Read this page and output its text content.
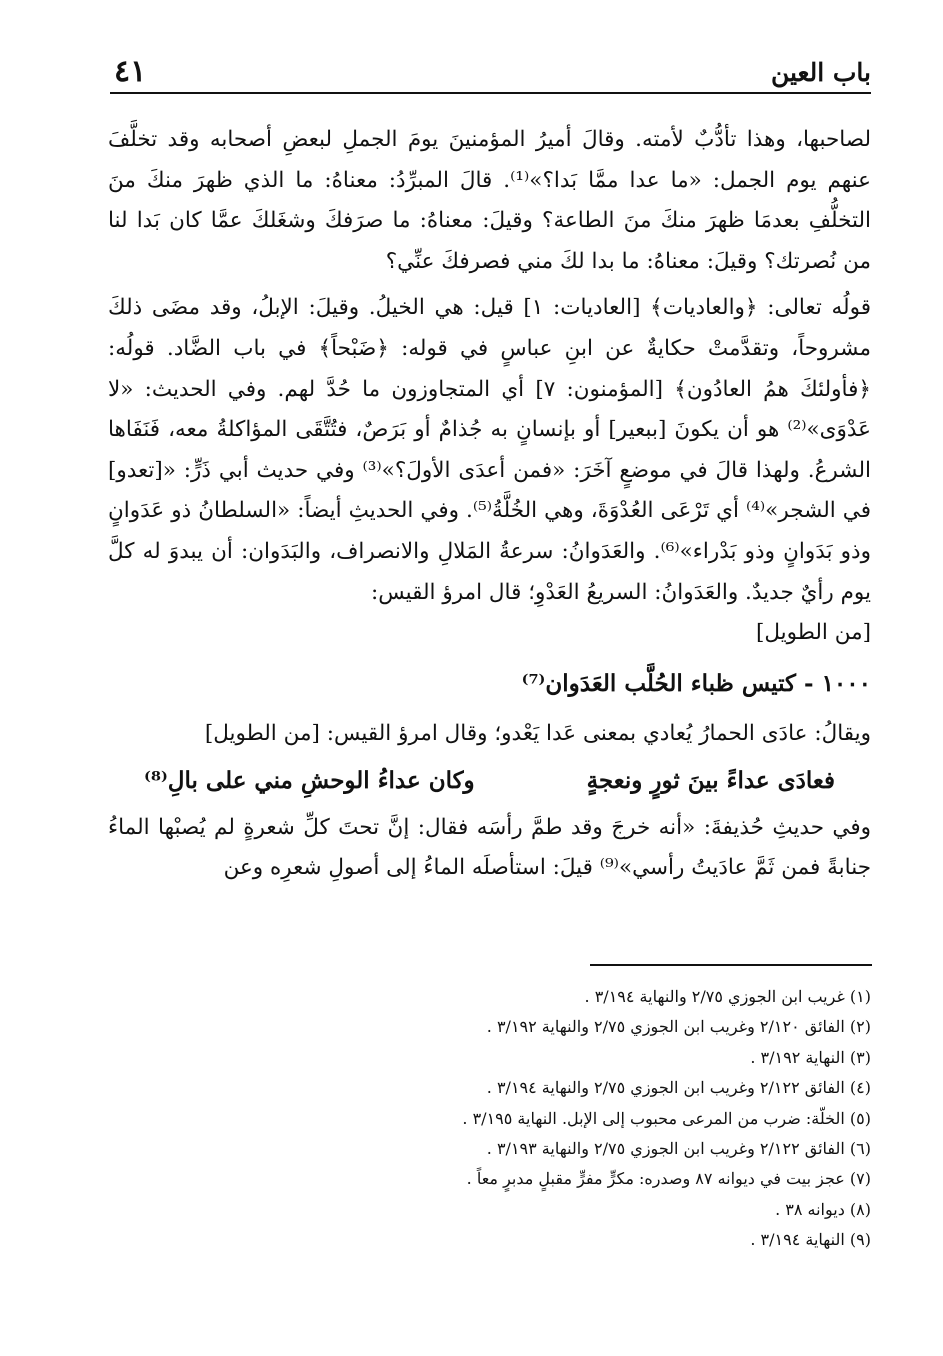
باب العين
٤١

لصاحبها، وهذا تأدُّبٌ لأمته. وقالَ أميرُ المؤمنينَ يومَ الجملِ لبعضِ أصحابه وقد تخلَّفَ عنهم يوم الجمل: «ما عدا ممَّا بَدا؟»⁽¹⁾. قالَ المبرِّدُ: معناهُ: ما الذي ظهرَ منكَ منَ التخلُّفِ بعدمَا ظهرَ منكَ منَ الطاعة؟ وقيلَ: معناهُ: ما صرَفكَ وشغَلكَ عمَّا كان بَدا لنا من نُصرتك؟ وقيلَ: معناهُ: ما بدا لكَ مني فصرفكَ عنِّي؟

قولُه تعالى: ﴿والعاديات﴾ [العاديات: ١] قيل: هي الخيلُ. وقيلَ: الإبلُ، وقد مضَى ذلكَ مشروحاً، وتقدَّمتْ حكايةٌ عن ابنِ عباسٍ في قوله: ﴿ضَبْحاً﴾ في باب الضَّاد. قولُه: ﴿فأولئكَ همُ العادُون﴾ [المؤمنون: ٧] أي المتجاوزون ما حُدَّ لهم. وفي الحديث: «لا عَدْوَى»⁽²⁾ هو أن يكونَ [ببعير] أو بإنسانٍ به جُذامٌ أو بَرَصٌ، فتُتَّقَى المؤاكلةُ معه، فَنَفَاها الشرعُ. ولهذا قالَ في موضعٍ آخَرَ: «فمن أعدَى الأولَ؟»⁽³⁾ وفي حديث أبي ذَرٍّ: «[تعدو] في الشجر»⁽⁴⁾ أي تَرْعَى العُدْوَةَ، وهي الخُلَّةُ⁽⁵⁾. وفي الحديثِ أيضاً: «السلطانُ ذو عَدَوانٍ وذو بَدَوانٍ وذو بَدْراء»⁽⁶⁾. والعَدَوانُ: سرعةُ المَلالِ والانصراف، والبَدَوان: أن يبدوَ له كلَّ يوم رأيٌ جديدٌ. والعَدَوانُ: السريعُ العَدْوِ؛ قال امرؤ القيس:
[من الطويل]

١٠٠٠ - كتيس ظباء الحُلَّب العَدَوان⁽⁷⁾

ويقالُ: عادَى الحمارُ يُعادي بمعنى عَدا يَعْدو؛ وقال امرؤ القيس: [من الطويل]

فعادَى عداءً بينَ ثورٍ ونعجةٍ
وكان عداءُ الوحشِ مني على بالِ⁽⁸⁾

وفي حديثِ حُذيفةَ: «أنه خرجَ وقد طمَّ رأسَه فقال: إنَّ تحتَ كلِّ شعرةٍ لم يُصبْها الماءُ جنابةً فمن ثَمَّ عادَيتُ رأسي»⁽⁹⁾ قيلَ: استأصلَه الماءُ إلى أصولِ شعرِه وعن

(١) غريب ابن الجوزي ٢/٧٥ والنهاية ٣/١٩٤ .
(٢) الفائق ٢/١٢٠ وغريب ابن الجوزي ٢/٧٥ والنهاية ٣/١٩٢ .
(٣) النهاية ٣/١٩٢ .
(٤) الفائق ٢/١٢٢ وغريب ابن الجوزي ٢/٧٥ والنهاية ٣/١٩٤ .
(٥) الخلّة: ضرب من المرعى محبوب إلى الإبل. النهاية ٣/١٩٥ .
(٦) الفائق ٢/١٢٢ وغريب ابن الجوزي ٢/٧٥ والنهاية ٣/١٩٣ .
(٧) عجز بيت في ديوانه ٨٧ وصدره: مكرٍّ مفرٍّ مقبلٍ مدبرٍ معاً .
(٨) ديوانه ٣٨ .
(٩) النهاية ٣/١٩٤ .
